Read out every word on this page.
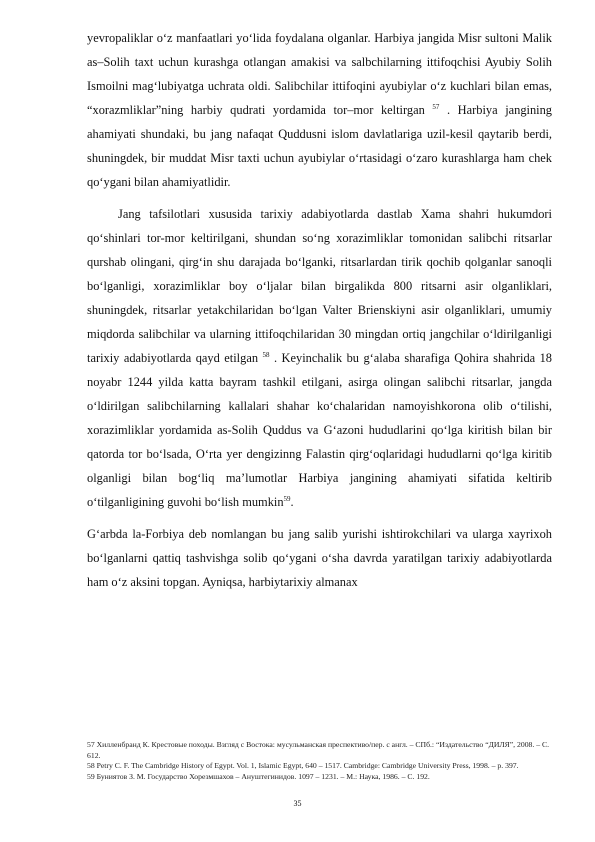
yevropaliklar o‘z manfaatlari yo‘lida foydalana olganlar. Harbiya jangida Misr sultoni Malik as–Solih taxt uchun kurashga otlangan amakisi va salbchilarning ittifoqchisi Ayubiy Solih Ismoilni mag‘lubiyatga uchrata oldi. Salibchilar ittifoqini ayubiylar o‘z kuchlari bilan emas, “xorazmliklar”ning harbiy qudrati yordamida tor–mor keltirgan $^{57}$ . Harbiya jangining ahamiyati shundaki, bu jang nafaqat Quddusni islom davlatlariga uzil-kesil qaytarib berdi, shuningdek, bir muddat Misr taxti uchun ayubiylar o‘rtasidagi o‘zaro kurashlarga ham chek qo‘ygani bilan ahamiyatlidir.

Jang tafsilotlari xususida tarixiy adabiyotlarda dastlab Xama shahri hukumdori qo‘shinlari tor-mor keltirilgani, shundan so‘ng xorazimliklar tomonidan salibchi ritsarlar qurshab olingani, qirg‘in shu darajada bo‘lganki, ritsarlardan tirik qochib qolganlar sanoqli bo‘lganligi, xorazimliklar boy o‘ljalar bilan birgalikda 800 ritsarni asir olganliklari, shuningdek, ritsarlar yetakchilaridan bo‘lgan Valter Brienskiyni asir olganliklari, umumiy miqdorda salibchilar va ularning ittifoqchilaridan 30 mingdan ortiq jangchilar o‘ldirilganligi tarixiy adabiyotlarda qayd etilgan $^{58}$ . Keyinchalik bu g‘alaba sharafiga Qohira shahrida 18 noyabr 1244 yilda katta bayram tashkil etilgani, asirga olingan salibchi ritsarlar, jangda o‘ldirilgan salibchilarning kallalari shahar ko‘chalaridan namoyishkorona olib o‘tilishi, xorazimliklar yordamida as-Solih Quddus va G‘azoni hududlarini qo‘lga kiritish bilan bir qatorda tor bo‘lsada, O‘rta yer dengizinng Falastin qirg‘oqlaridagi hududlarni qo‘lga kiritib olganligi bilan bog‘liq ma’lumotlar Harbiya jangining ahamiyati sifatida keltirib o‘tilganligining guvohi bo‘lish mumkin$^{59}$.

G‘arbda la-Forbiya deb nomlangan bu jang salib yurishi ishtirokchilari va ularga xayrixoh bo‘lganlarni qattiq tashvishga solib qo‘ygani o‘sha davrda yaratilgan tarixiy adabiyotlarda ham o‘z aksini topgan. Ayniqsa, harbiytarixiy almanax

57 Хилленбранд К. Крестовые походы. Взгляд с Востока: мусульманская преспективо/пер. с англ. – СПб.: “Издательство “ДИЛЯ”, 2008. – С. 612.

58 Petry C. F. The Cambridge History of Egypt. Vol. 1, Islamic Egypt, 640 – 1517. Cambridge: Cambridge University Press, 1998. – p. 397.

59 Буниятов З. М. Государство Хорезмшахов – Ануштегинидов. 1097 – 1231. – М.: Наука, 1986. – С. 192.

35
